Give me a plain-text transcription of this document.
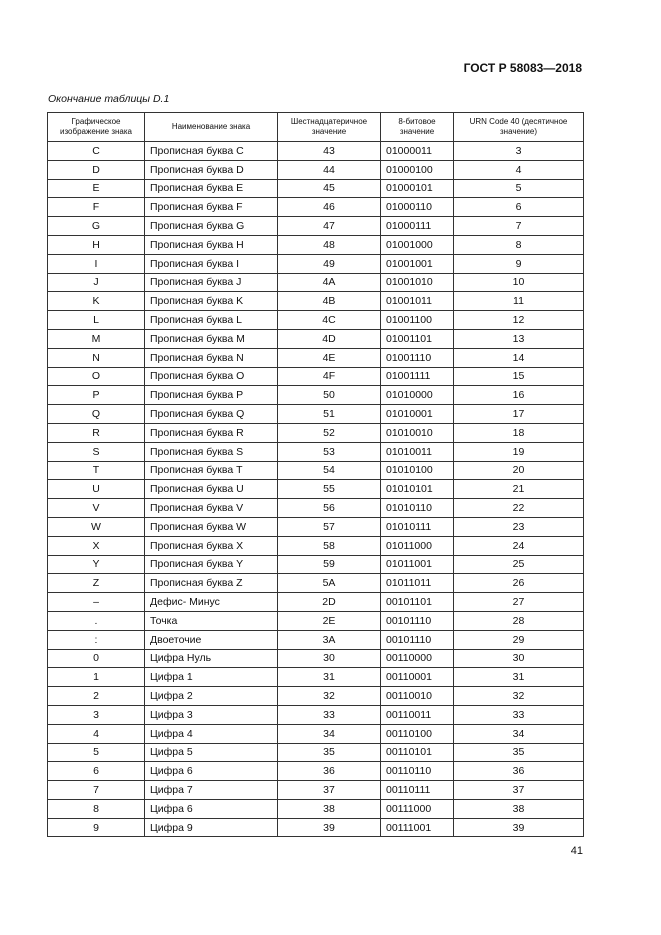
ГОСТ Р 58083—2018
Окончание таблицы D.1
Графическое изображение знака	Наименование знака	Шестнадцатеричное значение	8-битовое значение	URN Code 40 (десятичное значение)
C	Прописная буква C	43	01000011	3
D	Прописная буква D	44	01000100	4
E	Прописная буква E	45	01000101	5
F	Прописная буква F	46	01000110	6
G	Прописная буква G	47	01000111	7
H	Прописная буква H	48	01001000	8
I	Прописная буква I	49	01001001	9
J	Прописная буква J	4A	01001010	10
K	Прописная буква K	4B	01001011	11
L	Прописная буква L	4C	01001100	12
M	Прописная буква M	4D	01001101	13
N	Прописная буква N	4E	01001110	14
O	Прописная буква O	4F	01001111	15
P	Прописная буква P	50	01010000	16
Q	Прописная буква Q	51	01010001	17
R	Прописная буква R	52	01010010	18
S	Прописная буква S	53	01010011	19
T	Прописная буква T	54	01010100	20
U	Прописная буква U	55	01010101	21
V	Прописная буква V	56	01010110	22
W	Прописная буква W	57	01010111	23
X	Прописная буква X	58	01011000	24
Y	Прописная буква Y	59	01011001	25
Z	Прописная буква Z	5A	01011011	26
–	Дефис- Минус	2D	00101101	27
.	Точка	2E	00101110	28
:	Двоеточие	3A	00101110	29
0	Цифра Нуль	30	00110000	30
1	Цифра 1	31	00110001	31
2	Цифра 2	32	00110010	32
3	Цифра 3	33	00110011	33
4	Цифра 4	34	00110100	34
5	Цифра 5	35	00110101	35
6	Цифра 6	36	00110110	36
7	Цифра 7	37	00110111	37
8	Цифра 6	38	00111000	38
9	Цифра 9	39	00111001	39
41
